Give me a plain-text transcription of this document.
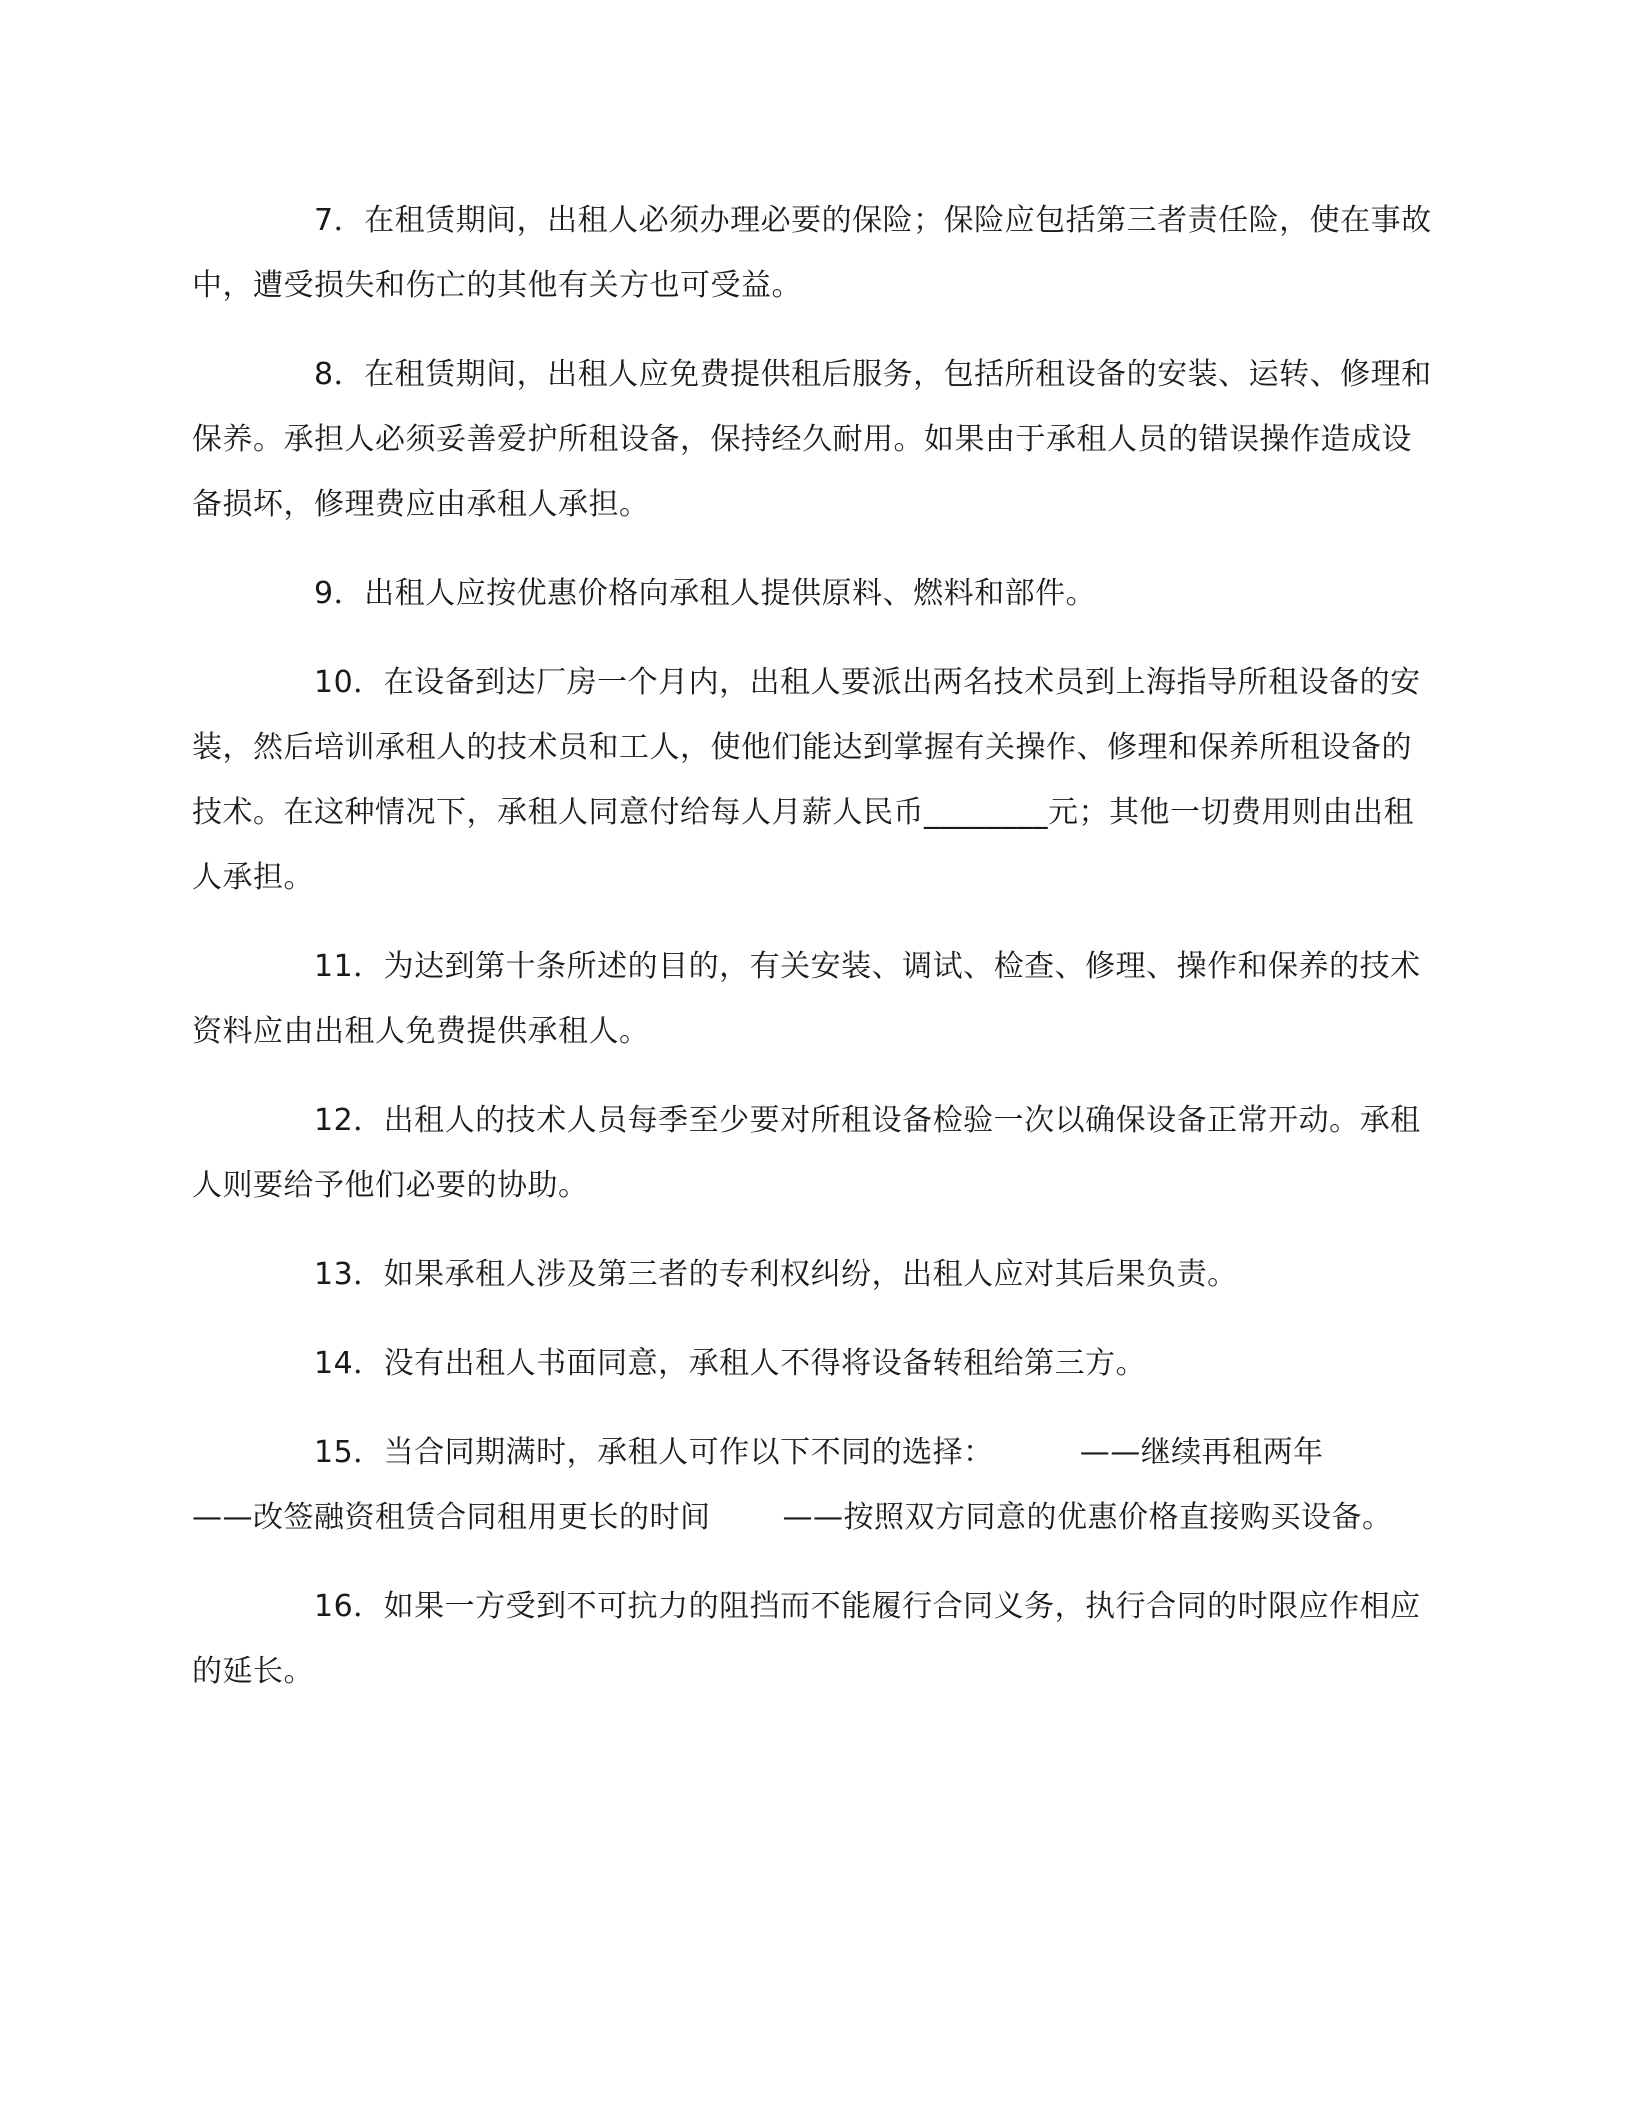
7．在租赁期间，出租人必须办理必要的保险；保险应包括第三者责任险，使在事故中，遭受损失和伤亡的其他有关方也可受益。

8．在租赁期间，出租人应免费提供租后服务，包括所租设备的安装、运转、修理和保养。承担人必须妥善爱护所租设备，保持经久耐用。如果由于承租人员的错误操作造成设备损坏，修理费应由承租人承担。

9．出租人应按优惠价格向承租人提供原料、燃料和部件。

10．在设备到达厂房一个月内，出租人要派出两名技术员到上海指导所租设备的安装，然后培训承租人的技术员和工人，使他们能达到掌握有关操作、修理和保养所租设备的技术。在这种情况下，承租人同意付给每人月薪人民币________元；其他一切费用则由出租人承担。

11．为达到第十条所述的目的，有关安装、调试、检查、修理、操作和保养的技术资料应由出租人免费提供承租人。

12．出租人的技术人员每季至少要对所租设备检验一次以确保设备正常开动。承租人则要给予他们必要的协助。

13．如果承租人涉及第三者的专利权纠纷，出租人应对其后果负责。

14．没有出租人书面同意，承租人不得将设备转租给第三方。

15．当合同期满时，承租人可作以下不同的选择：	——继续再租两年 ——改签融资租赁合同租用更长的时间 ——按照双方同意的优惠价格直接购买设备。

16．如果一方受到不可抗力的阻挡而不能履行合同义务，执行合同的时限应作相应的延长。
